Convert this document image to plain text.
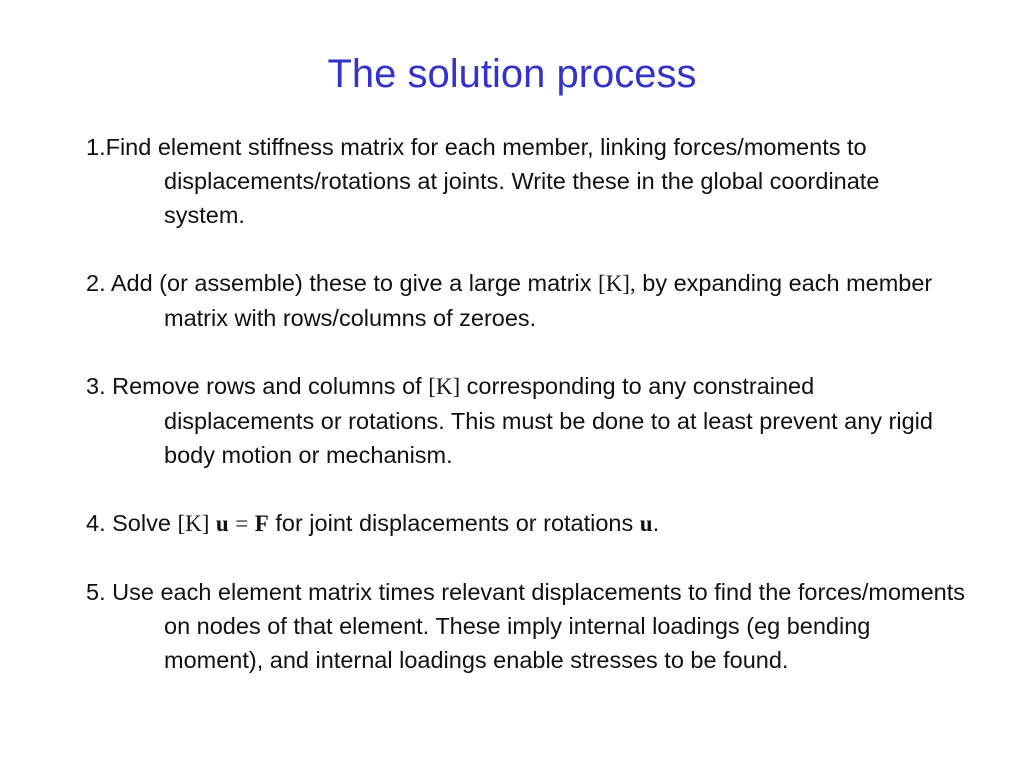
The solution process
1.Find element stiffness matrix for each member, linking forces/moments to displacements/rotations at joints. Write these in the global coordinate system.
2. Add (or assemble) these to give a large matrix [K], by expanding each member matrix with rows/columns of zeroes.
3. Remove rows and columns of [K] corresponding to any constrained displacements or rotations. This must be done to at least prevent any rigid body motion or mechanism.
4. Solve [K] u = F for joint displacements or rotations u.
5. Use each element matrix times relevant displacements to find the forces/moments on nodes of that element. These imply internal loadings (eg bending moment), and internal loadings enable stresses to be found.
